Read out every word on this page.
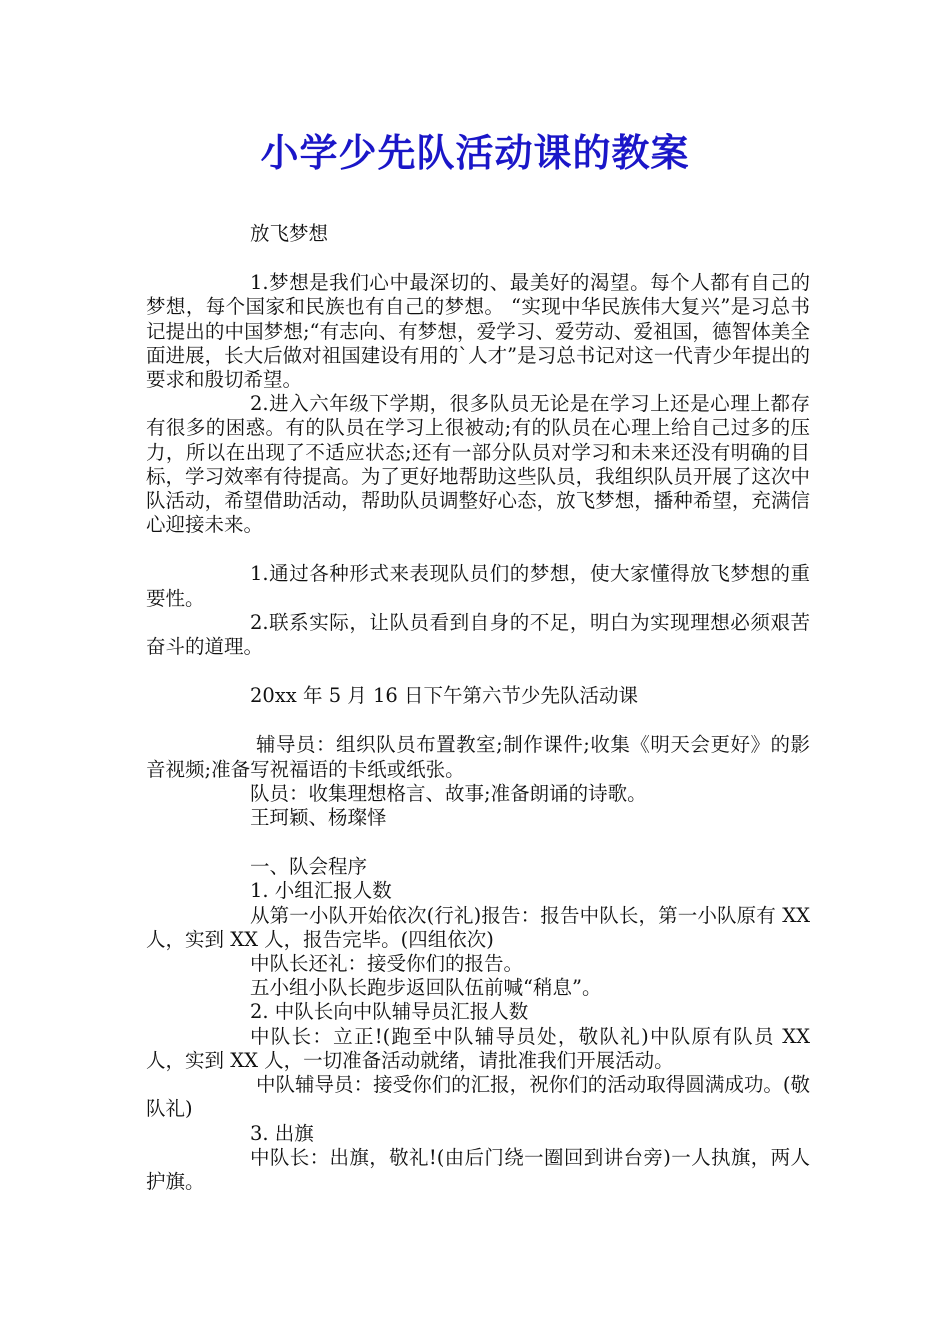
小学少先队活动课的教案

放飞梦想

1.梦想是我们心中最深切的、最美好的渴望。每个人都有自己的梦想，每个国家和民族也有自己的梦想。 “实现中华民族伟大复兴”是习总书记提出的中国梦想;“有志向、有梦想，爱学习、爱劳动、爱祖国，德智体美全面进展，长大后做对祖国建设有用的`人才”是习总书记对这一代青少年提出的要求和殷切希望。

2.进入六年级下学期，很多队员无论是在学习上还是心理上都存有很多的困惑。有的队员在学习上很被动;有的队员在心理上给自己过多的压力，所以在出现了不适应状态;还有一部分队员对学习和未来还没有明确的目标，学习效率有待提高。为了更好地帮助这些队员，我组织队员开展了这次中队活动，希望借助活动，帮助队员调整好心态，放飞梦想，播种希望，充满信心迎接未来。

1.通过各种形式来表现队员们的梦想，使大家懂得放飞梦想的重要性。

2.联系实际，让队员看到自身的不足，明白为实现理想必须艰苦奋斗的道理。

20xx 年 5 月 16 日下午第六节少先队活动课

辅导员：组织队员布置教室;制作课件;收集《明天会更好》的影音视频;准备写祝福语的卡纸或纸张。

队员：收集理想格言、故事;准备朗诵的诗歌。

王珂颖、杨璨怿

一、队会程序

1. 小组汇报人数

从第一小队开始依次(行礼)报告：报告中队长，第一小队原有 XX 人，实到 XX 人，报告完毕。(四组依次)

中队长还礼：接受你们的报告。

五小组小队长跑步返回队伍前喊“稍息”。

2. 中队长向中队辅导员汇报人数

中队长：立正!(跑至中队辅导员处，敬队礼)中队原有队员 XX 人，实到 XX 人，一切准备活动就绪，请批准我们开展活动。

中队辅导员：接受你们的汇报，祝你们的活动取得圆满成功。(敬队礼)

3. 出旗

中队长：出旗，敬礼!(由后门绕一圈回到讲台旁)一人执旗，两人护旗。
